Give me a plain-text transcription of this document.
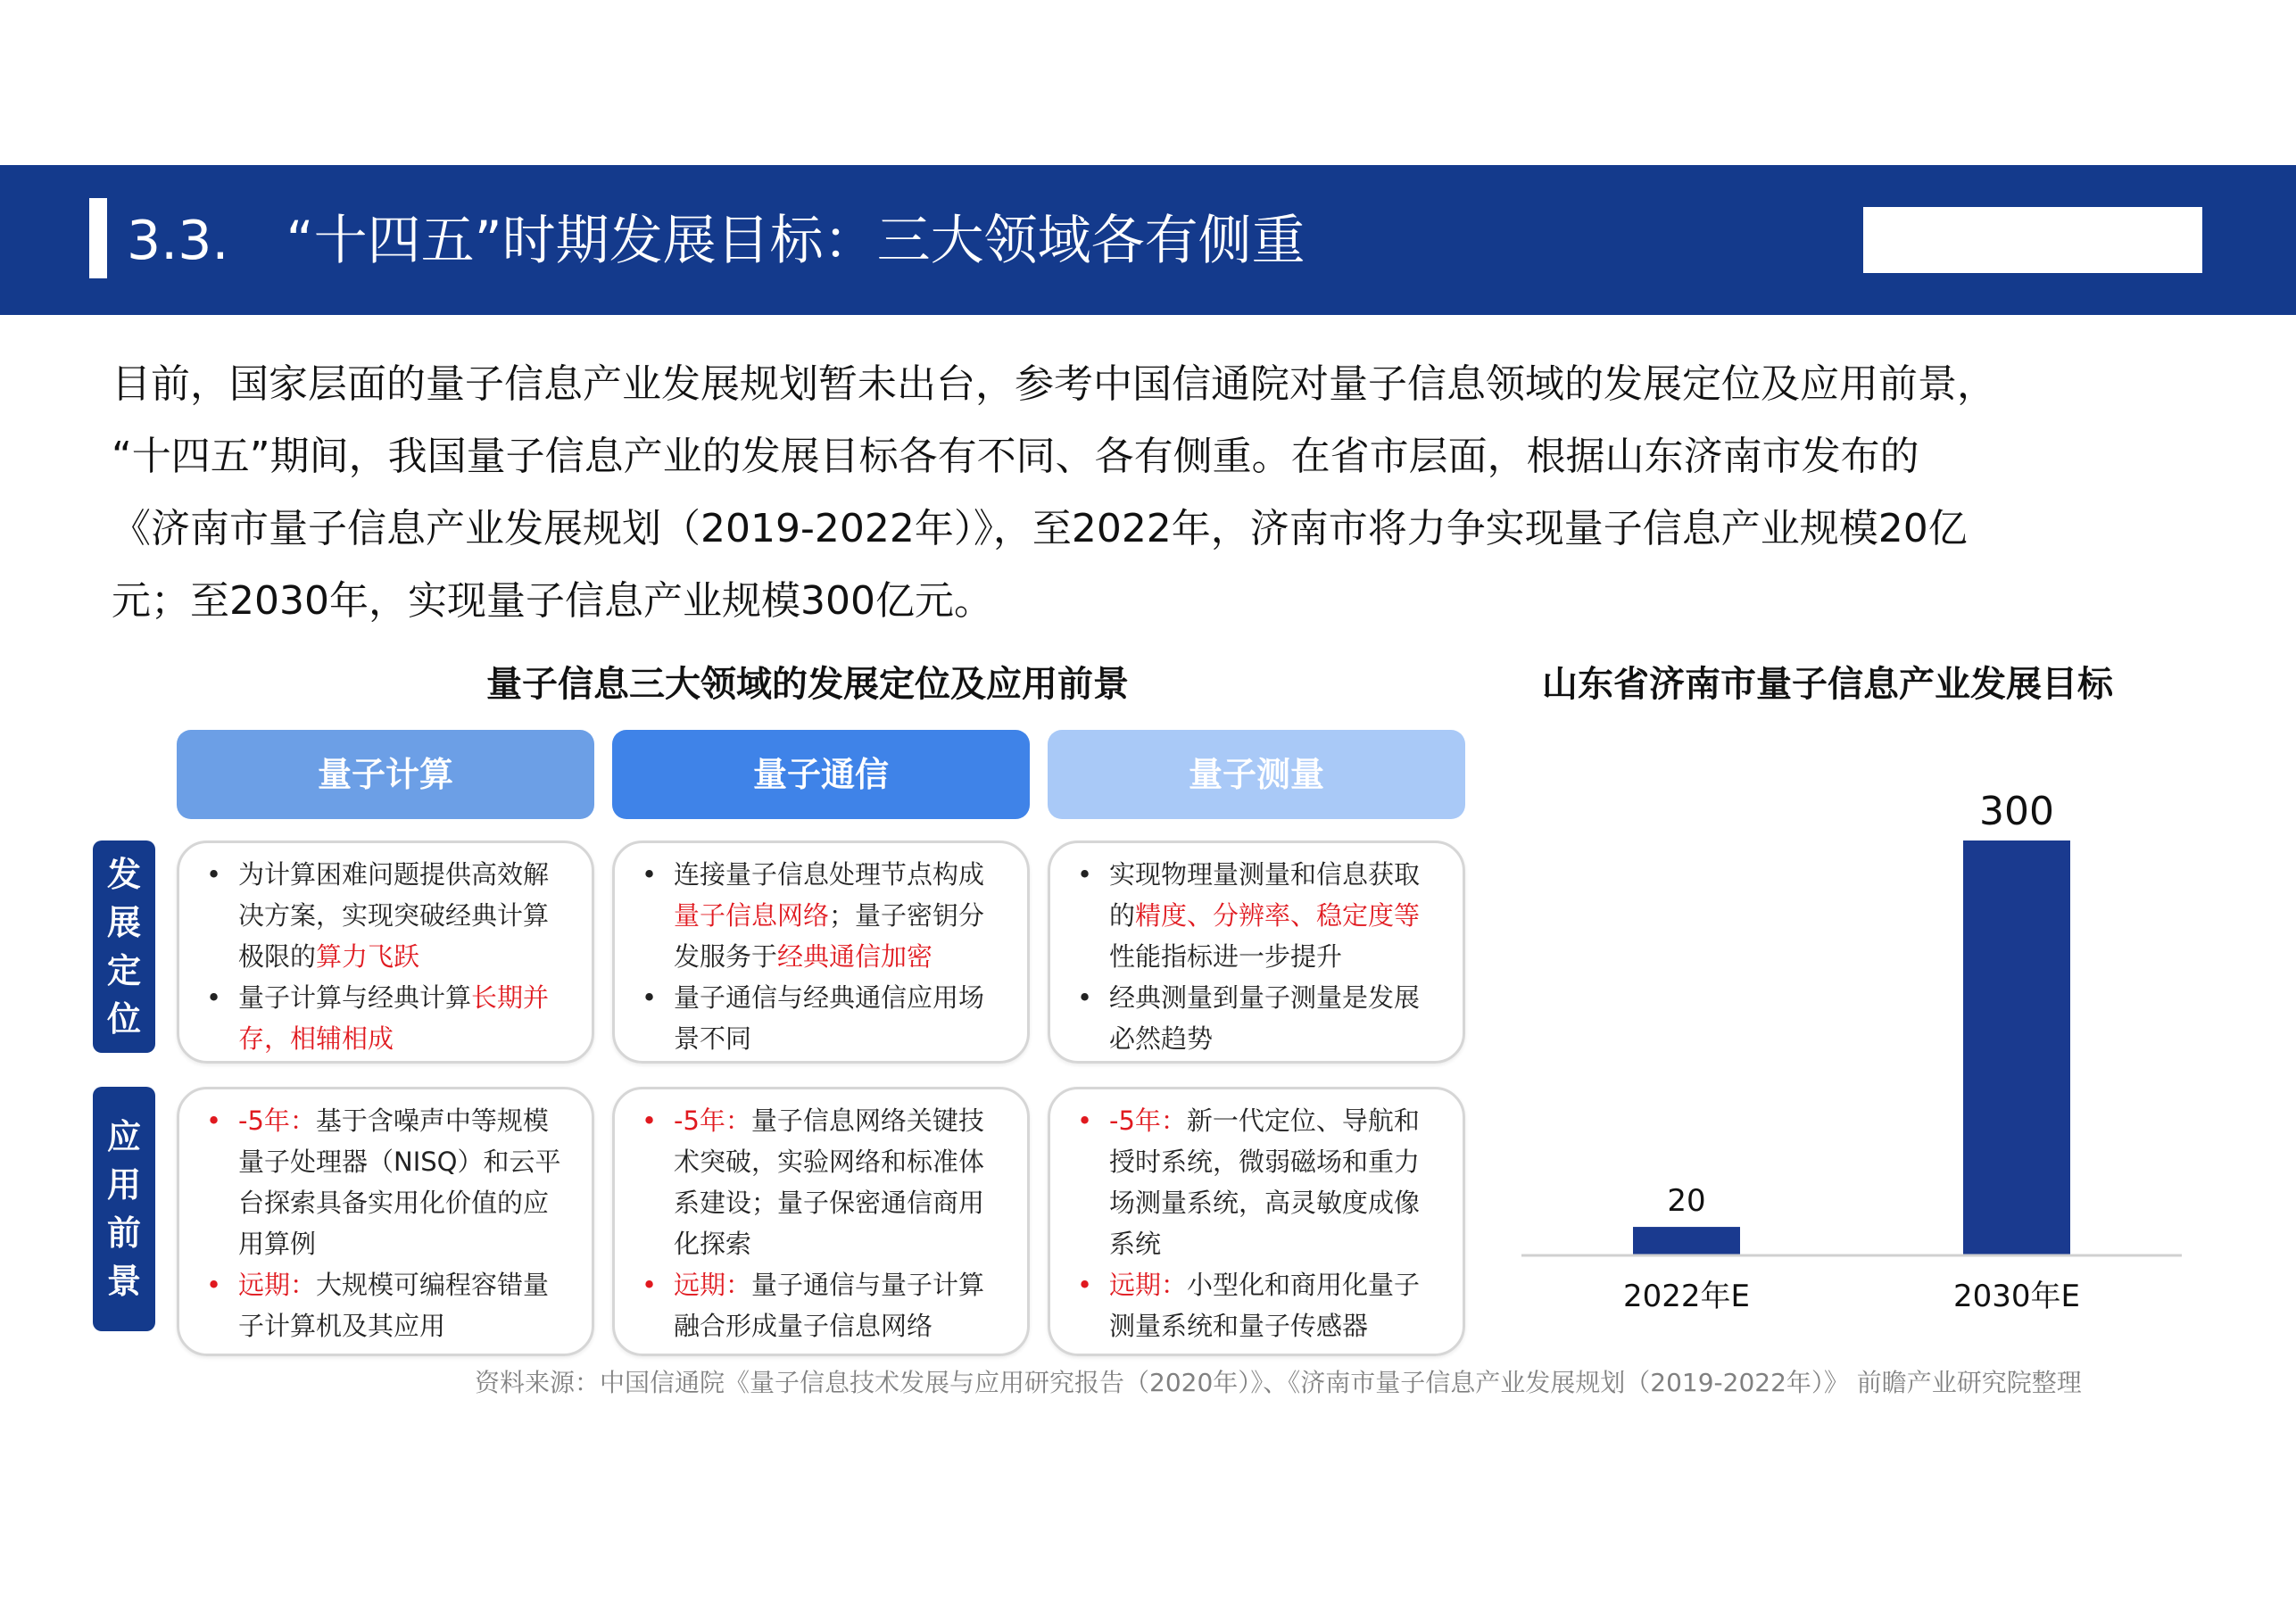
3.3. “十四五”时期发展目标：三大领域各有侧重

目前，国家层面的量子信息产业发展规划暂未出台，参考中国信通院对量子信息领域的发展定位及应用前景，

“十四五”期间，我国量子信息产业的发展目标各有不同、各有侧重。在省市层面，根据山东济南市发布的

《济南市量子信息产业发展规划（2019-2022年）》，至2022年，济南市将力争实现量子信息产业规模20亿

元；至2030年，实现量子信息产业规模300亿元。

量子信息三大领域的发展定位及应用前景
量子计算	量子通信	量子测量
发
展
定
位
应
用
前
景
• 为计算困难问题提供高效解决方案，实现突破经典计算极限的算力飞跃
• 量子计算与经典计算长期并存，相辅相成
• 连接量子信息处理节点构成量子信息网络；量子密钥分发服务于经典通信加密
• 量子通信与经典通信应用场景不同
• 实现物理量测量和信息获取的精度、分辨率、稳定度等性能指标进一步提升
• 经典测量到量子测量是发展必然趋势
• -5年：基于含噪声中等规模量子处理器（NISQ）和云平台探索具备实用化价值的应用算例
• 远期：大规模可编程容错量子计算机及其应用
• -5年：量子信息网络关键技术突破，实验网络和标准体系建设；量子保密通信商用化探索
• 远期：量子通信与量子计算融合形成量子信息网络
• -5年：新一代定位、导航和授时系统，微弱磁场和重力场测量系统，高灵敏度成像系统
• 远期：小型化和商用化量子测量系统和量子传感器
山东省济南市量子信息产业发展目标
20
2022年E
300
2030年E
资料来源：中国信通院《量子信息技术发展与应用研究报告（2020年）》、《济南市量子信息产业发展规划（2019-2022年）》 前瞻产业研究院整理
